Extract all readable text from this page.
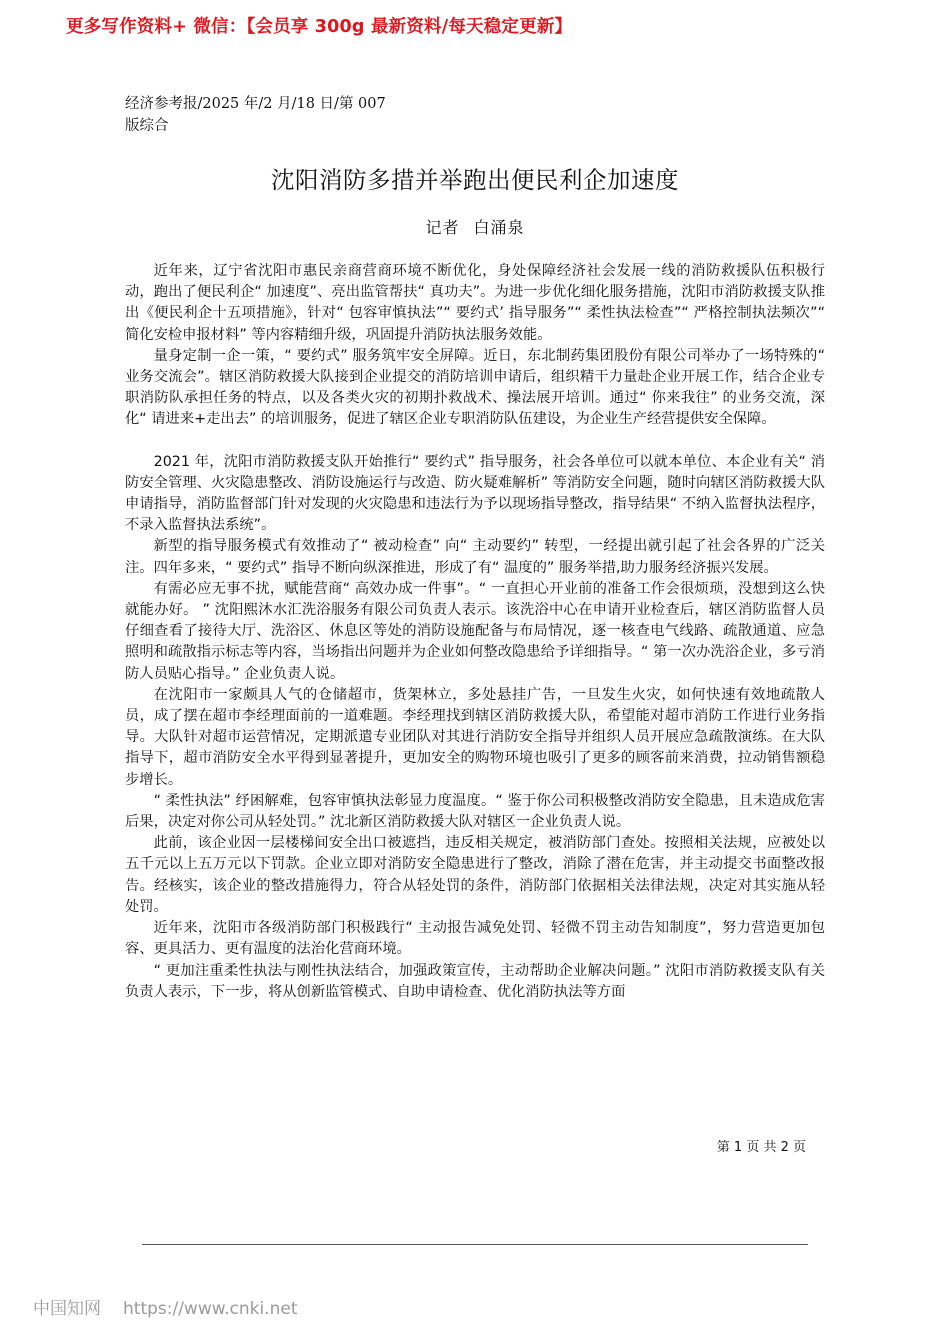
更多写作资料+ 微信：【会员享 300g 最新资料/每天稳定更新】
经济参考报/2025 年/2 月/18 日/第 007
版综合
沈阳消防多措并举跑出便民利企加速度
记者 白涌泉

近年来，辽宁省沈阳市惠民亲商营商环境不断优化，身处保障经济社会发展一线的消防救援队伍积极行动，跑出了便民利企“ 加速度”、亮出监管帮扶“ 真功夫”。为进一步优化细化服务措施，沈阳市消防救援支队推出《便民利企十五项措施》，针对“ 包容审慎执法”“ 要约式’ 指导服务”“ 柔性执法检查”“ 严格控制执法频次”“ 简化安检申报材料” 等内容精细升级，巩固提升消防执法服务效能。

量身定制一企一策，“ 要约式” 服务筑牢安全屏障。近日，东北制药集团股份有限公司举办了一场特殊的“ 业务交流会”。辖区消防救援大队接到企业提交的消防培训申请后，组织精干力量赴企业开展工作，结合企业专职消防队承担任务的特点，以及各类火灾的初期扑救战术、操法展开培训。通过“ 你来我往” 的业务交流，深化“ 请进来+走出去” 的培训服务，促进了辖区企业专职消防队伍建设，为企业生产经营提供安全保障。

2021 年，沈阳市消防救援支队开始推行“ 要约式” 指导服务，社会各单位可以就本单位、本企业有关“ 消防安全管理、火灾隐患整改、消防设施运行与改造、防火疑难解析” 等消防安全问题，随时向辖区消防救援大队申请指导，消防监督部门针对发现的火灾隐患和违法行为予以现场指导整改，指导结果“ 不纳入监督执法程序，不录入监督执法系统”。

新型的指导服务模式有效推动了“ 被动检查” 向“ 主动要约” 转型，一经提出就引起了社会各界的广泛关注。四年多来，“ 要约式” 指导不断向纵深推进，形成了有“ 温度的” 服务举措,助力服务经济振兴发展。

有需必应无事不扰，赋能营商“ 高效办成一件事”。“ 一直担心开业前的准备工作会很烦琐，没想到这么快就能办好。 ” 沈阳熙沐水汇洗浴服务有限公司负责人表示。该洗浴中心在申请开业检查后，辖区消防监督人员仔细查看了接待大厅、洗浴区、休息区等处的消防设施配备与布局情况，逐一核查电气线路、疏散通道、应急照明和疏散指示标志等内容，当场指出问题并为企业如何整改隐患给予详细指导。“ 第一次办洗浴企业，多亏消防人员贴心指导。” 企业负责人说。

在沈阳市一家颇具人气的仓储超市，货架林立，多处悬挂广告，一旦发生火灾，如何快速有效地疏散人员，成了摆在超市李经理面前的一道难题。李经理找到辖区消防救援大队，希望能对超市消防工作进行业务指导。大队针对超市运营情况，定期派遣专业团队对其进行消防安全指导并组织人员开展应急疏散演练。在大队指导下，超市消防安全水平得到显著提升，更加安全的购物环境也吸引了更多的顾客前来消费，拉动销售额稳步增长。

“ 柔性执法” 纾困解难，包容审慎执法彰显力度温度。“ 鉴于你公司积极整改消防安全隐患，且未造成危害后果，决定对你公司从轻处罚。” 沈北新区消防救援大队对辖区一企业负责人说。

此前，该企业因一层楼梯间安全出口被遮挡，违反相关规定，被消防部门查处。按照相关法规，应被处以五千元以上五万元以下罚款。企业立即对消防安全隐患进行了整改，消除了潜在危害，并主动提交书面整改报告。经核实，该企业的整改措施得力，符合从轻处罚的条件，消防部门依据相关法律法规，决定对其实施从轻处罚。

近年来，沈阳市各级消防部门积极践行“ 主动报告减免处罚、轻微不罚主动告知制度”，努力营造更加包容、更具活力、更有温度的法治化营商环境。

“ 更加注重柔性执法与刚性执法结合，加强政策宣传，主动帮助企业解决问题。” 沈阳市消防救援支队有关负责人表示，下一步，将从创新监管模式、自助申请检查、优化消防执法等方面

第 1 页 共 2 页
中国知网 https://www.cnki.net
